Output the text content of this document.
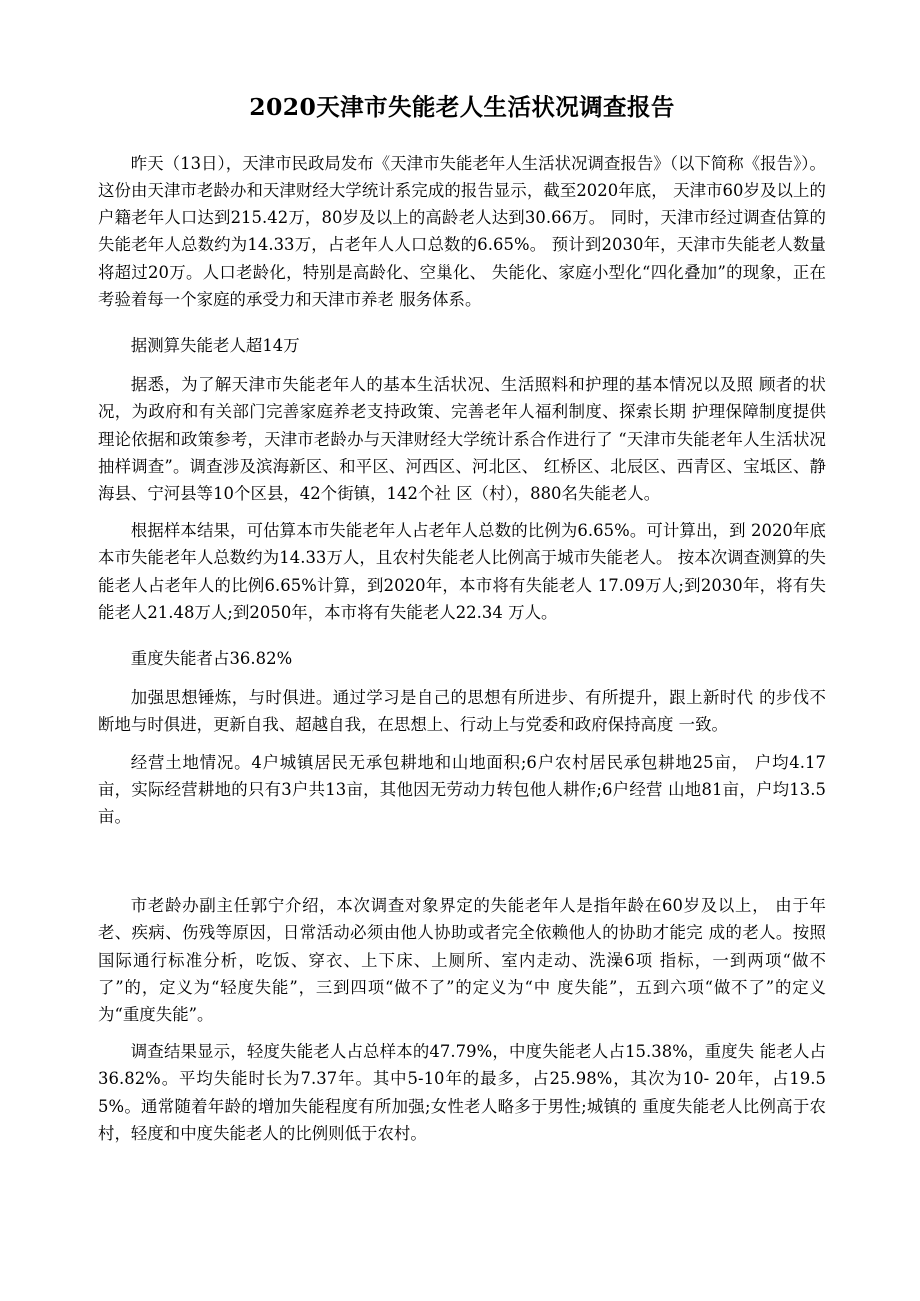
2020天津市失能老人生活状况调查报告

昨天（13日），天津市民政局发布《天津市失能老年人生活状况调查报告》（以下简称《报告》）。这份由天津市老龄办和天津财经大学统计系完成的报告显示，截至2020年底， 天津市60岁及以上的户籍老年人口达到215.42万，80岁及以上的高龄老人达到30.66万。 同时，天津市经过调查估算的失能老年人总数约为14.33万，占老年人人口总数的6.65%。 预计到2030年，天津市失能老人数量将超过20万。人口老龄化，特别是高龄化、空巢化、 失能化、家庭小型化“四化叠加”的现象，正在考验着每一个家庭的承受力和天津市养老 服务体系。

据测算失能老人超14万

据悉，为了解天津市失能老年人的基本生活状况、生活照料和护理的基本情况以及照 顾者的状况，为政府和有关部门完善家庭养老支持政策、完善老年人福利制度、探索长期 护理保障制度提供理论依据和政策参考，天津市老龄办与天津财经大学统计系合作进行了 “天津市失能老年人生活状况抽样调查”。调查涉及滨海新区、和平区、河西区、河北区、 红桥区、北辰区、西青区、宝坻区、静海县、宁河县等10个区县，42个街镇，142个社 区（村），880名失能老人。

根据样本结果，可估算本市失能老年人占老年人总数的比例为6.65%。可计算出，到 2020年底本市失能老年人总数约为14.33万人，且农村失能老人比例高于城市失能老人。 按本次调查测算的失能老人占老年人的比例6.65%计算，到2020年，本市将有失能老人 17.09万人;到2030年，将有失能老人21.48万人;到2050年，本市将有失能老人22.34 万人。

重度失能者占36.82%

加强思想锤炼，与时俱进。通过学习是自己的思想有所进步、有所提升，跟上新时代 的步伐不断地与时俱进，更新自我、超越自我，在思想上、行动上与党委和政府保持高度 一致。

经营土地情况。4户城镇居民无承包耕地和山地面积;6户农村居民承包耕地25亩， 户均4.17亩，实际经营耕地的只有3户共13亩，其他因无劳动力转包他人耕作;6户经营 山地81亩，户均13.5亩。

市老龄办副主任郭宁介绍，本次调查对象界定的失能老年人是指年龄在60岁及以上， 由于年老、疾病、伤残等原因，日常活动必须由他人协助或者完全依赖他人的协助才能完 成的老人。按照国际通行标准分析，吃饭、穿衣、上下床、上厕所、室内走动、洗澡6项 指标，一到两项“做不了”的，定义为“轻度失能”，三到四项“做不了”的定义为“中 度失能”，五到六项“做不了”的定义为“重度失能”。

调查结果显示，轻度失能老人占总样本的47.79%，中度失能老人占15.38%，重度失 能老人占36.82%。平均失能时长为7.37年。其中5-10年的最多，占25.98%，其次为10- 20年，占19.55%。通常随着年龄的增加失能程度有所加强;女性老人略多于男性;城镇的 重度失能老人比例高于农村，轻度和中度失能老人的比例则低于农村。
